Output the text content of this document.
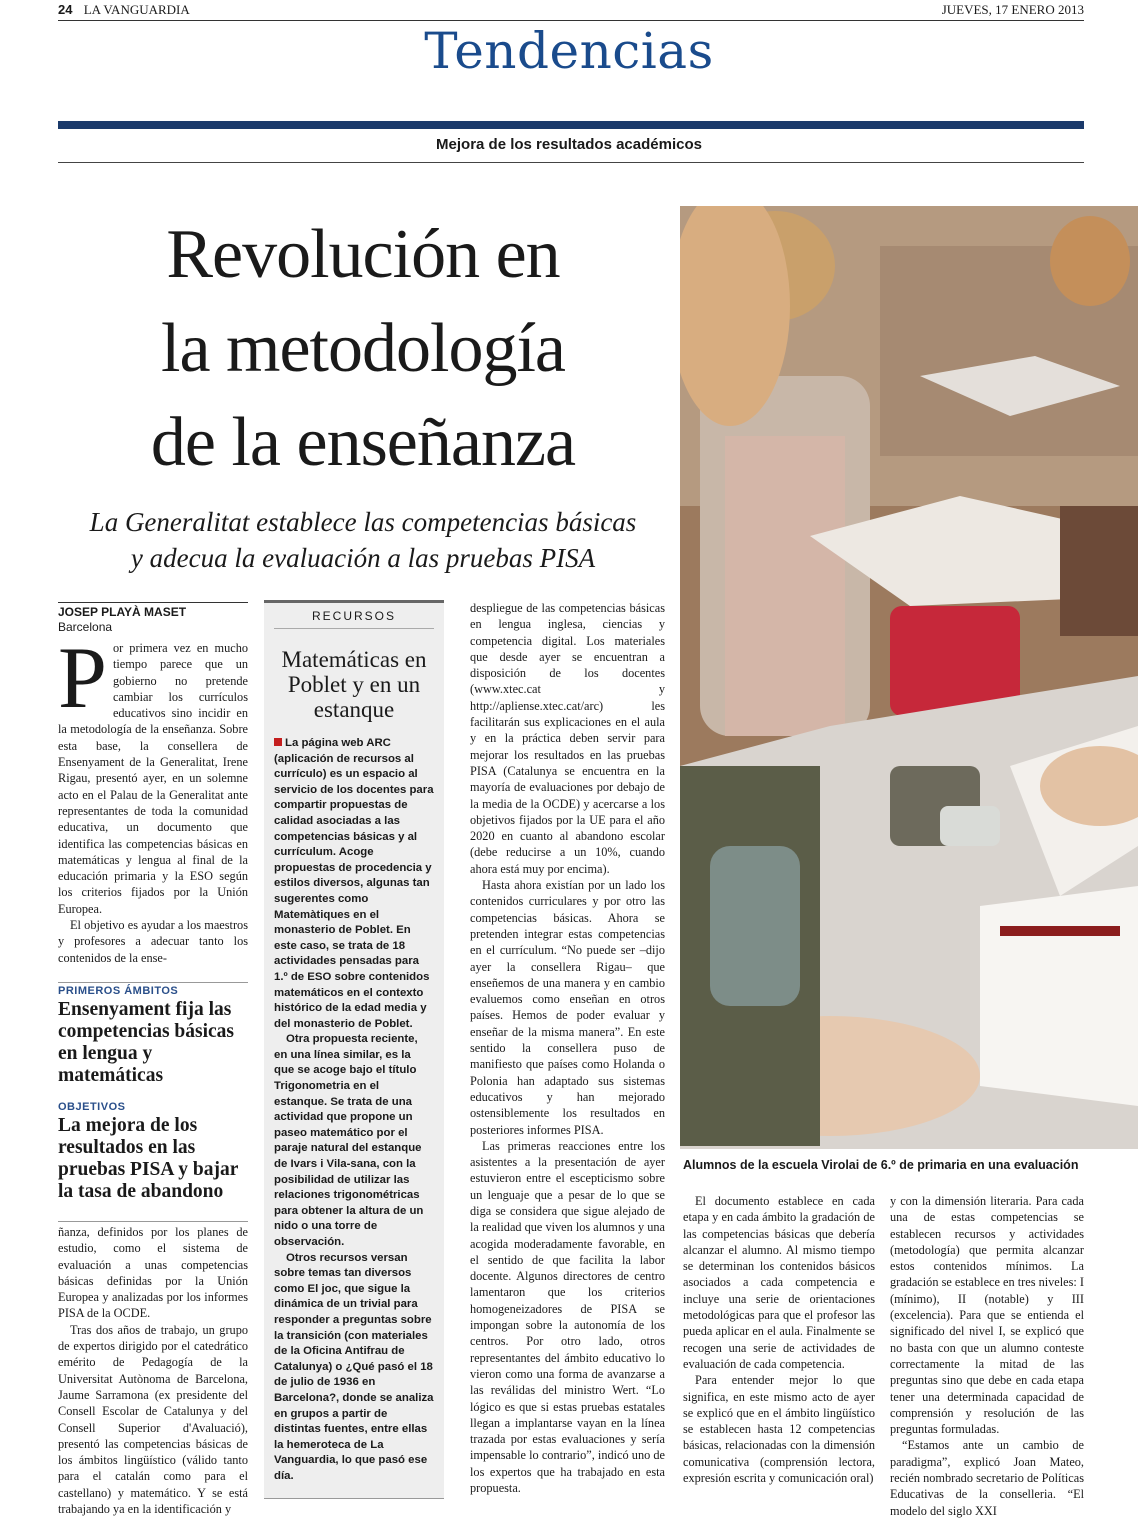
24 LA VANGUARDIA	JUEVES, 17 ENERO 2013
Tendencias
Mejora de los resultados académicos
Revolución en
la metodología
de la enseñanza
La Generalitat establece las competencias básicas
y adecua la evaluación a las pruebas PISA
Alumnos de la escuela Virolai de 6.º de primaria en una evaluación
JOSEP PLAYÀ MASET
Barcelona
P or primera vez en mucho tiempo parece que un gobierno no pretende cambiar los currículos educativos sino incidir en la metodología de la enseñanza. Sobre esta base, la consellera de Ensenyament de la Generalitat, Irene Rigau, presentó ayer, en un solemne acto en el Palau de la Generalitat ante representantes de toda la comunidad educativa, un documento que identifica las competencias básicas en matemáticas y lengua al final de la educación primaria y la ESO según los criterios fijados por la Unión Europea.

El objetivo es ayudar a los maestros y profesores a adecuar tanto los contenidos de la ense-

PRIMEROS ÁMBITOS
Ensenyament fija las competencias básicas en lengua y matemáticas
OBJETIVOS
La mejora de los resultados en las pruebas PISA y bajar la tasa de abandono

ñanza, definidos por los planes de estudio, como el sistema de evaluación a unas competencias básicas definidas por la Unión Europea y analizadas por los informes PISA de la OCDE.

Tras dos años de trabajo, un grupo de expertos dirigido por el catedrático emérito de Pedagogía de la Universitat Autònoma de Barcelona, Jaume Sarramona (ex presidente del Consell Escolar de Catalunya y del Consell Superior d'Avaluació), presentó las competencias básicas de los ámbitos lingüístico (válido tanto para el catalán como para el castellano) y matemático. Y se está trabajando ya en la identificación y

RECURSOS
Matemáticas en Poblet y en un estanque

La página web ARC (aplicación de recursos al currículo) es un espacio al servicio de los docentes para compartir propuestas de calidad asociadas a las competencias básicas y al currículum. Acoge propuestas de procedencia y estilos diversos, algunas tan sugerentes como Matemàtiques en el monasterio de Poblet. En este caso, se trata de 18 actividades pensadas para 1.º de ESO sobre contenidos matemáticos en el contexto histórico de la edad media y del monasterio de Poblet.

Otra propuesta reciente, en una línea similar, es la que se acoge bajo el título Trigonometria en el estanque. Se trata de una actividad que propone un paseo matemático por el paraje natural del estanque de Ivars i Vila-sana, con la posibilidad de utilizar las relaciones trigonométricas para obtener la altura de un nido o una torre de observación.

Otros recursos versan sobre temas tan diversos como El joc, que sigue la dinámica de un trivial para responder a preguntas sobre la transición (con materiales de la Oficina Antifrau de Catalunya) o ¿Qué pasó el 18 de julio de 1936 en Barcelona?, donde se analiza en grupos a partir de distintas fuentes, entre ellas la hemeroteca de La Vanguardia, lo que pasó ese día.

despliegue de las competencias básicas en lengua inglesa, ciencias y competencia digital. Los materiales que desde ayer se encuentran a disposición de los docentes (www.xtec.cat y http://apliense.xtec.cat/arc) les facilitarán sus explicaciones en el aula y en la práctica deben servir para mejorar los resultados en las pruebas PISA (Catalunya se encuentra en la mayoría de evaluaciones por debajo de la media de la OCDE) y acercarse a los objetivos fijados por la UE para el año 2020 en cuanto al abandono escolar (debe reducirse a un 10%, cuando ahora está muy por encima).

Hasta ahora existían por un lado los contenidos curriculares y por otro las competencias básicas. Ahora se pretenden integrar estas competencias en el currículum. “No puede ser –dijo ayer la consellera Rigau– que enseñemos de una manera y en cambio evaluemos como enseñan en otros países. Hemos de poder evaluar y enseñar de la misma manera”. En este sentido la consellera puso de manifiesto que países como Holanda o Polonia han adaptado sus sistemas educativos y han mejorado ostensiblemente los resultados en posteriores informes PISA.

Las primeras reacciones entre los asistentes a la presentación de ayer estuvieron entre el escepticismo sobre un lenguaje que a pesar de lo que se diga se considera que sigue alejado de la realidad que viven los alumnos y una acogida moderadamente favorable, en el sentido de que facilita la labor docente. Algunos directores de centro lamentaron que los criterios homogeneizadores de PISA se impongan sobre la autonomía de los centros. Por otro lado, otros representantes del ámbito educativo lo vieron como una forma de avanzarse a las reválidas del ministro Wert. “Lo lógico es que si estas pruebas estatales llegan a implantarse vayan en la línea trazada por estas evaluaciones y sería impensable lo contrario”, indicó uno de los expertos que ha trabajado en esta propuesta.

El documento establece en cada etapa y en cada ámbito la gradación de las competencias básicas que debería alcanzar el alumno. Al mismo tiempo se determinan los contenidos básicos asociados a cada competencia e incluye una serie de orientaciones metodológicas para que el profesor las pueda aplicar en el aula. Finalmente se recogen una serie de actividades de evaluación de cada competencia.

Para entender mejor lo que significa, en este mismo acto de ayer se explicó que en el ámbito lingüístico se establecen hasta 12 competencias básicas, relacionadas con la dimensión comunicativa (comprensión lectora, expresión escrita y comunicación oral)

y con la dimensión literaria. Para cada una de estas competencias se establecen recursos y actividades (metodología) que permita alcanzar estos contenidos mínimos. La gradación se establece en tres niveles: I (mínimo), II (notable) y III (excelencia). Para que se entienda el significado del nivel I, se explicó que no basta con que un alumno conteste correctamente la mitad de las preguntas sino que debe en cada etapa tener una determinada capacidad de comprensión y resolución de las preguntas formuladas.

“Estamos ante un cambio de paradigma”, explicó Joan Mateo, recién nombrado secretario de Políticas Educativas de la conselleria. “El modelo del siglo XXI
